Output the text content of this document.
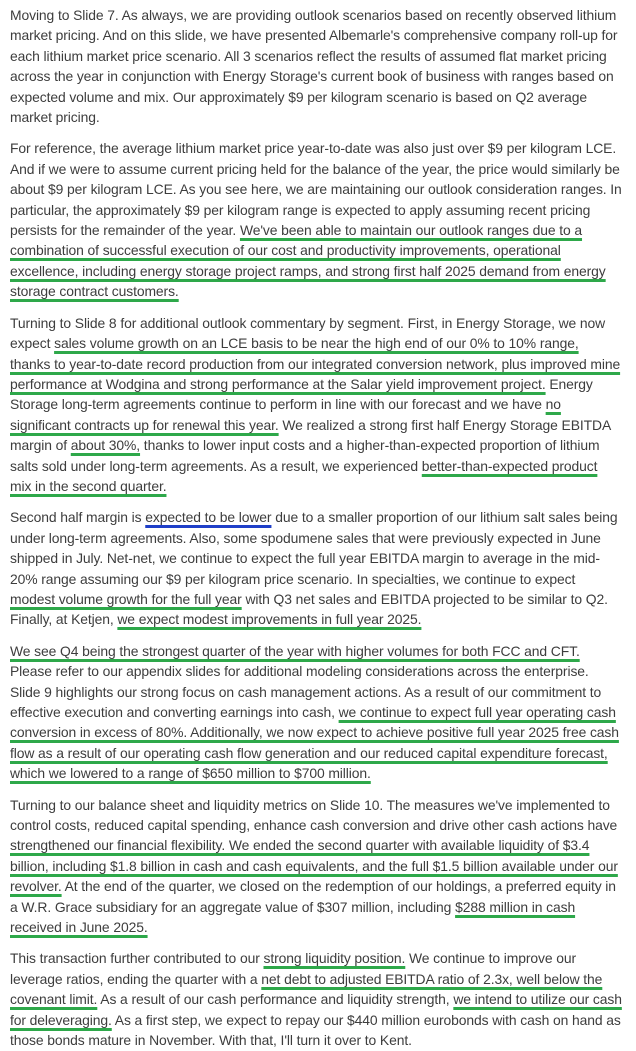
Moving to Slide 7. As always, we are providing outlook scenarios based on recently observed lithium market pricing. And on this slide, we have presented Albemarle's comprehensive company roll-up for each lithium market price scenario. All 3 scenarios reflect the results of assumed flat market pricing across the year in conjunction with Energy Storage's current book of business with ranges based on expected volume and mix. Our approximately $9 per kilogram scenario is based on Q2 average market pricing.

For reference, the average lithium market price year-to-date was also just over $9 per kilogram LCE. And if we were to assume current pricing held for the balance of the year, the price would similarly be about $9 per kilogram LCE. As you see here, we are maintaining our outlook consideration ranges. In particular, the approximately $9 per kilogram range is expected to apply assuming recent pricing persists for the remainder of the year. We've been able to maintain our outlook ranges due to a combination of successful execution of our cost and productivity improvements, operational excellence, including energy storage project ramps, and strong first half 2025 demand from energy storage contract customers.

Turning to Slide 8 for additional outlook commentary by segment. First, in Energy Storage, we now expect sales volume growth on an LCE basis to be near the high end of our 0% to 10% range, thanks to year-to-date record production from our integrated conversion network, plus improved mine performance at Wodgina and strong performance at the Salar yield improvement project. Energy Storage long-term agreements continue to perform in line with our forecast and we have no significant contracts up for renewal this year. We realized a strong first half Energy Storage EBITDA margin of about 30%, thanks to lower input costs and a higher-than-expected proportion of lithium salts sold under long-term agreements. As a result, we experienced better-than-expected product mix in the second quarter.

Second half margin is expected to be lower due to a smaller proportion of our lithium salt sales being under long-term agreements. Also, some spodumene sales that were previously expected in June shipped in July. Net-net, we continue to expect the full year EBITDA margin to average in the mid-20% range assuming our $9 per kilogram price scenario. In specialties, we continue to expect modest volume growth for the full year with Q3 net sales and EBITDA projected to be similar to Q2. Finally, at Ketjen, we expect modest improvements in full year 2025.

We see Q4 being the strongest quarter of the year with higher volumes for both FCC and CFT. Please refer to our appendix slides for additional modeling considerations across the enterprise. Slide 9 highlights our strong focus on cash management actions. As a result of our commitment to effective execution and converting earnings into cash, we continue to expect full year operating cash conversion in excess of 80%. Additionally, we now expect to achieve positive full year 2025 free cash flow as a result of our operating cash flow generation and our reduced capital expenditure forecast, which we lowered to a range of $650 million to $700 million.

Turning to our balance sheet and liquidity metrics on Slide 10. The measures we've implemented to control costs, reduced capital spending, enhance cash conversion and drive other cash actions have strengthened our financial flexibility. We ended the second quarter with available liquidity of $3.4 billion, including $1.8 billion in cash and cash equivalents, and the full $1.5 billion available under our revolver. At the end of the quarter, we closed on the redemption of our holdings, a preferred equity in a W.R. Grace subsidiary for an aggregate value of $307 million, including $288 million in cash received in June 2025.

This transaction further contributed to our strong liquidity position. We continue to improve our leverage ratios, ending the quarter with a net debt to adjusted EBITDA ratio of 2.3x, well below the covenant limit. As a result of our cash performance and liquidity strength, we intend to utilize our cash for deleveraging. As a first step, we expect to repay our $440 million eurobonds with cash on hand as those bonds mature in November. With that, I'll turn it over to Kent.
